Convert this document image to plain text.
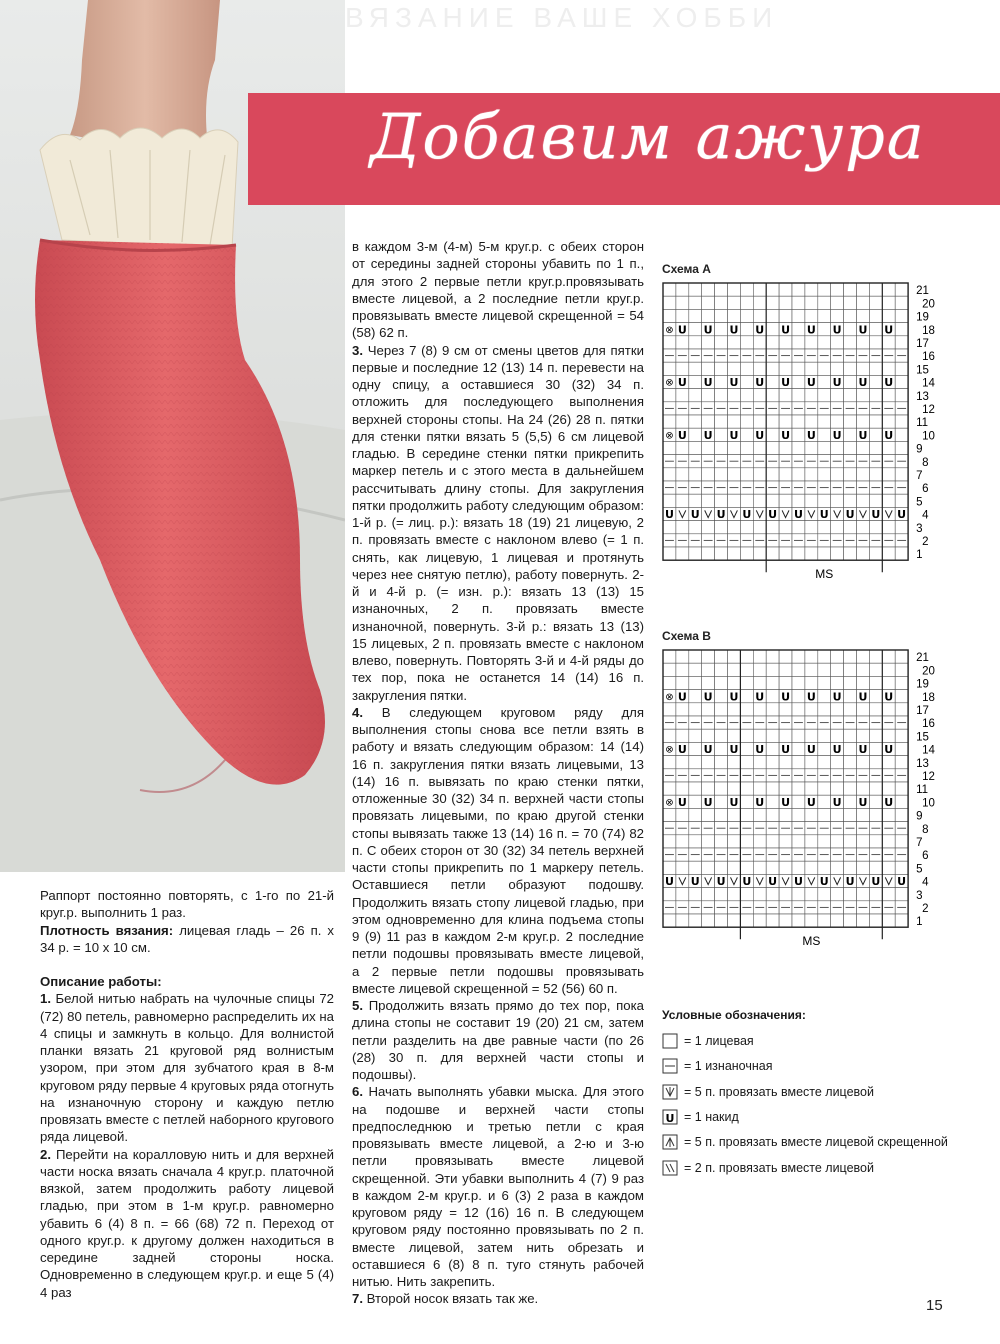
ВЯЗАНИЕ ВАШЕ ХОББИ
Добавим ажура

Раппорт постоянно повторять, с 1-го по 21-й круг.р. выполнить 1 раз.

Плотность вязания: лицевая гладь – 26 п. х 34 р. = 10 х 10 см.

Описание работы:

1. Белой нитью набрать на чулочные спицы 72 (72) 80 петель, равномерно распределить их на 4 спицы и замкнуть в кольцо. Для волнистой планки вязать 21 круговой ряд волнистым узором, при этом для зубчатого края в 8-м круговом ряду первые 4 круговых ряда отогнуть на изнаночную сторону и каждую петлю провязать вместе с петлей наборного кругового ряда лицевой.

2. Перейти на коралловую нить и для верхней части носка вязать сначала 4 круг.р. платочной вязкой, затем продолжить работу лицевой гладью, при этом в 1-м круг.р. равномерно убавить 6 (4) 8 п. = 66 (68) 72 п. Переход от одного круг.р. к другому должен находиться в середине задней стороны носка. Одновременно в следующем круг.р. и еще 5 (4) 4 раз

в каждом 3-м (4-м) 5-м круг.р. с обеих сторон от середины задней стороны убавить по 1 п., для этого 2 первые петли круг.р.провязывать вместе лицевой, а 2 последние петли круг.р. провязывать вместе лицевой скрещенной = 54 (58) 62 п.

3. Через 7 (8) 9 см от смены цветов для пятки первые и последние 12 (13) 14 п. перевести на одну спицу, а оставшиеся 30 (32) 34 п. отложить для последующего выполнения верхней стороны стопы. На 24 (26) 28 п. пятки для стенки пятки вязать 5 (5,5) 6 см лицевой гладью. В середине стенки пятки прикрепить маркер петель и с этого места в дальнейшем рассчитывать длину стопы. Для закругления пятки продолжить работу следующим образом: 1-й р. (= лиц. р.): вязать 18 (19) 21 лицевую, 2 п. провязать вместе с наклоном влево (= 1 п. снять, как лицевую, 1 лицевая и протянуть через нее снятую петлю), работу повернуть. 2-й и 4-й р. (= изн. р.): вязать 13 (13) 15 изнаночных, 2 п. провязать вместе изнаночной, повернуть. 3-й р.: вязать 13 (13) 15 лицевых, 2 п. провязать вместе с наклоном влево, повернуть. Повторять 3-й и 4-й ряды до тех пор, пока не останется 14 (14) 16 п. закругления пятки.

4. В следующем круговом ряду для выполнения стопы снова все петли взять в работу и вязать следующим образом: 14 (14) 16 п. закругления пятки вязать лицевыми, 13 (14) 16 п. вывязать по краю стенки пятки, отложенные 30 (32) 34 п. верхней части стопы провязать лицевыми, по краю другой стенки стопы вывязать также 13 (14) 16 п. = 70 (74) 82 п. С обеих сторон от 30 (32) 34 петель верхней части стопы прикрепить по 1 маркеру петель. Оставшиеся петли образуют подошву. Продолжить вязать стопу лицевой гладью, при этом одновременно для клина подъема стопы 9 (9) 11 раз в каждом 2-м круг.р. 2 последние петли подошвы провязывать вместе лицевой, а 2 первые петли подошвы провязывать вместе лицевой скрещенной = 52 (56) 60 п.

5. Продолжить вязать прямо до тех пор, пока длина стопы не составит 19 (20) 21 см, затем петли разделить на две равные части (по 26 (28) 30 п. для верхней части стопы и подошвы).

6. Начать выполнять убавки мыска. Для этого на подошве и верхней части стопы предпоследнюю и третью петли с края провязывать вместе лицевой, а 2-ю и 3-ю петли провязывать вместе лицевой скрещенной. Эти убавки выполнить 4 (7) 9 раз в каждом 2-м круг.р. и 6 (3) 2 раза в каждом круговом ряду = 12 (16) 16 п. В следующем круговом ряду постоянно провязывать по 2 п. вместе лицевой, затем нить обрезать и оставшиеся 6 (8) 8 п. туго стянуть рабочей нитью. Нить закрепить.

7. Второй носок вязать так же.

Схема А
⊗ U U U U U U U U U
⊗ U U U U U U U U U
⊗ U U U U U U U U U
U U U U U U U U U U
1
2
3
4
5
6
7
8
9
10
11
12
13
14
15
16
17
18
19
20
21
MS
Схема В
⊗ U U U U U U U U U
⊗ U U U U U U U U U
⊗ U U U U U U U U U
U U U U U U U U U U
1
2
3
4
5
6
7
8
9
10
11
12
13
14
15
16
17
18
19
20
21
MS
Условные обозначения:
= 1 лицевая
= 1 изнаночная
= 5 п. провязать вместе лицевой
U = 1 накид
= 5 п. провязать вместе лицевой скрещенной
= 2 п. провязать вместе лицевой
15
